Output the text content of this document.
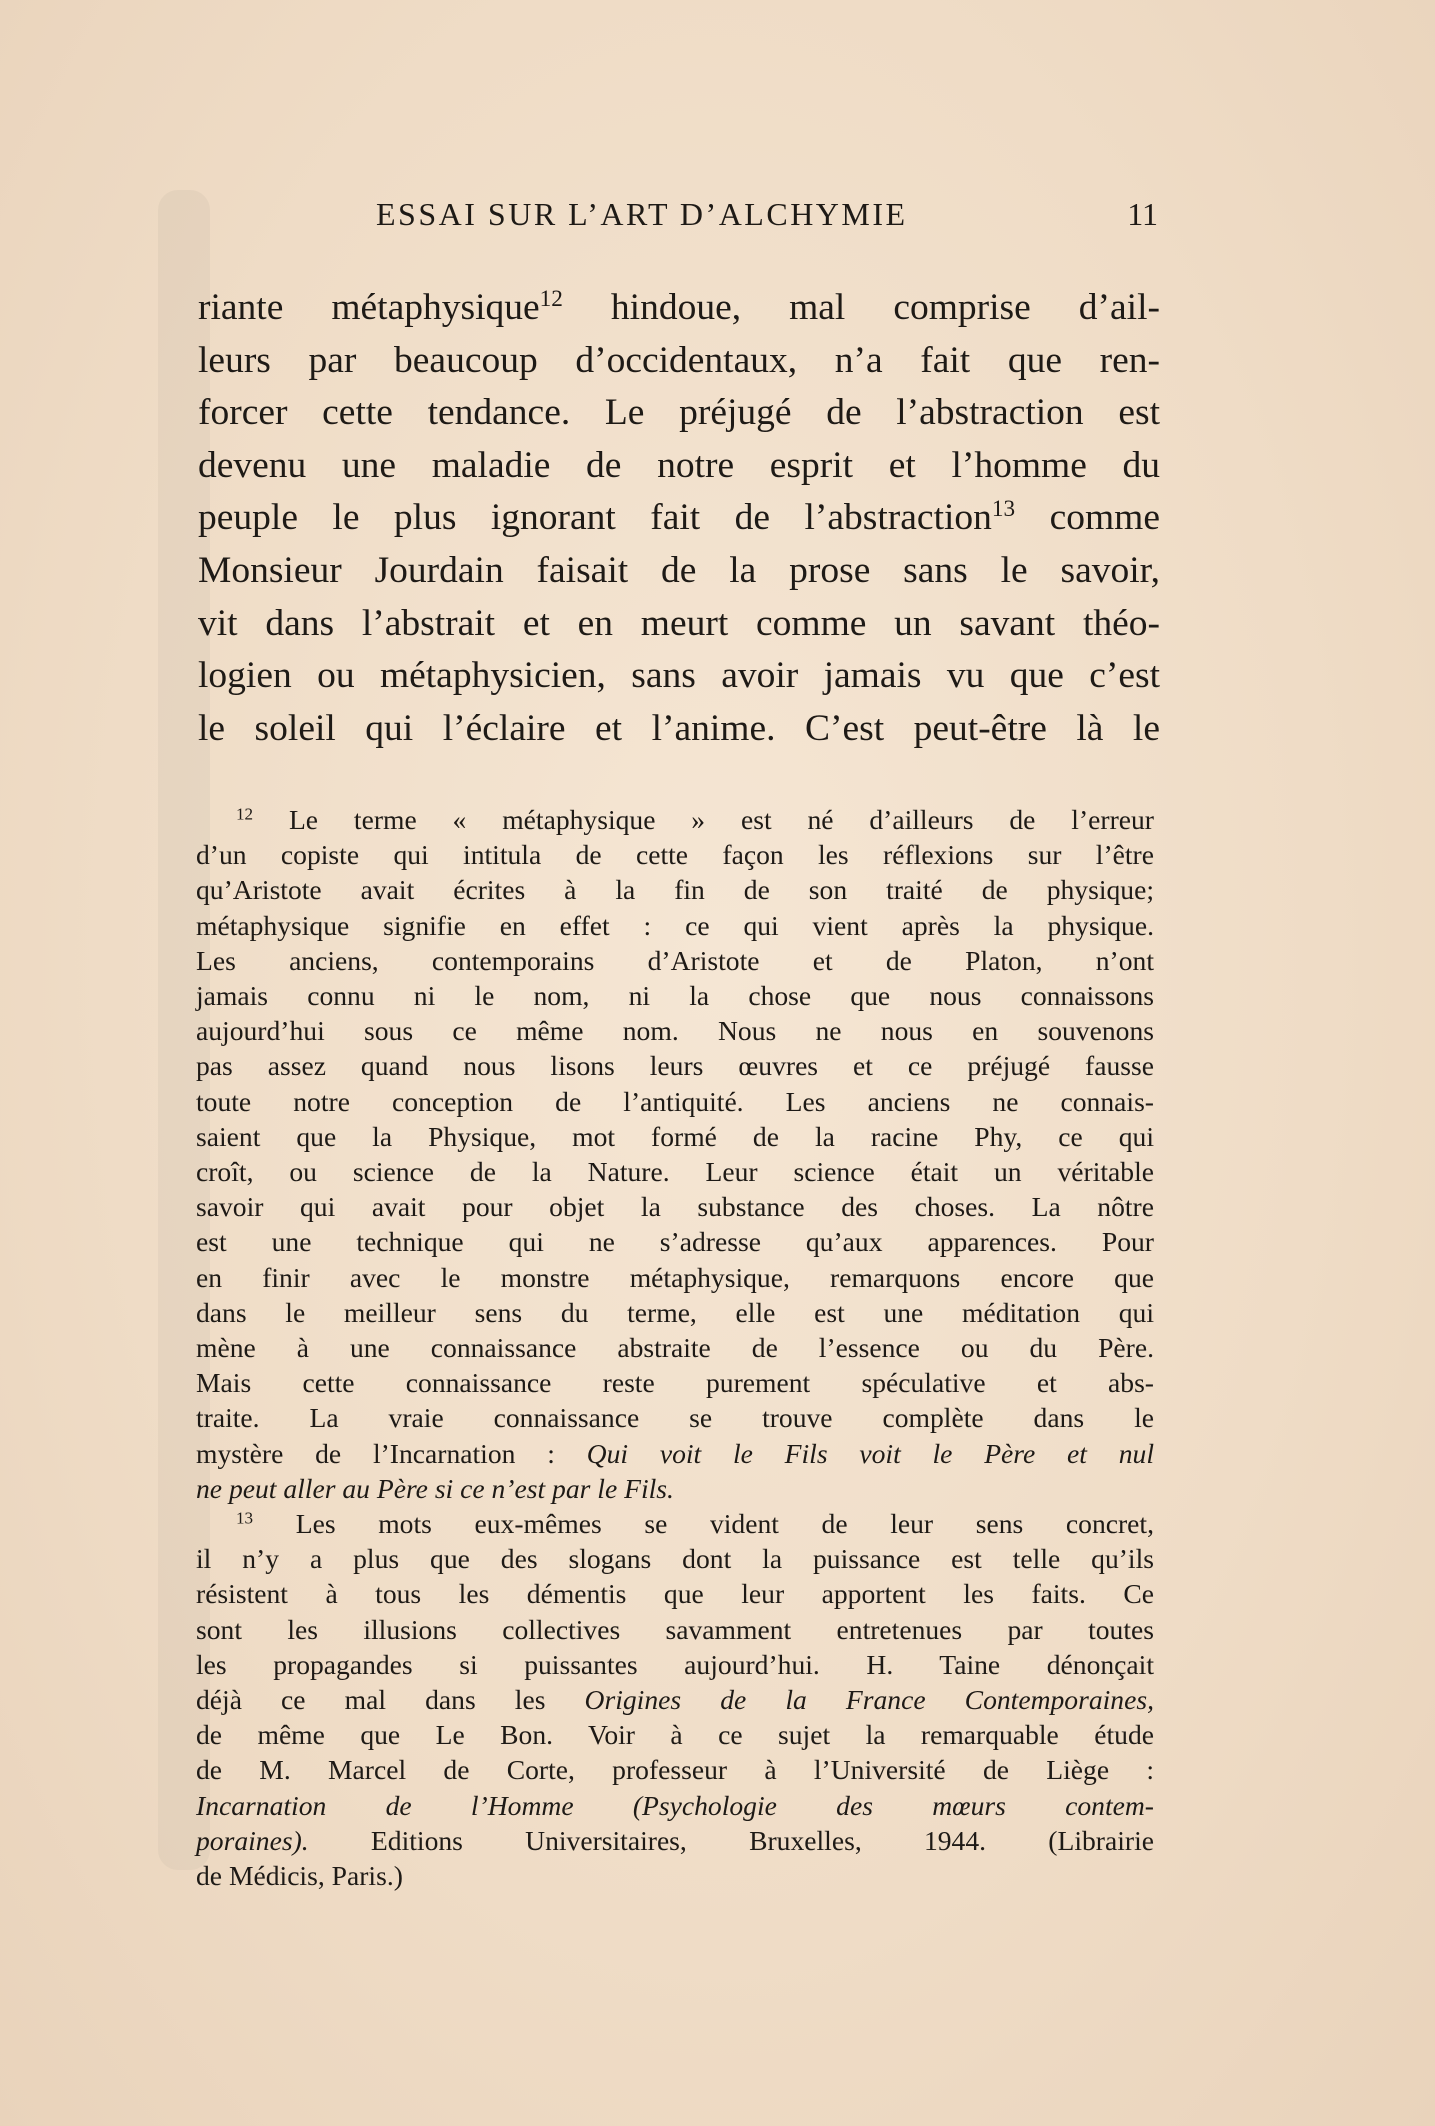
ESSAI SUR L’ART D’ALCHYMIE	11
riante métaphysique$^{12}$ hindoue, mal comprise d’ail-
leurs par beaucoup d’occidentaux, n’a fait que ren-
forcer cette tendance. Le préjugé de l’abstraction est
devenu une maladie de notre esprit et l’homme du
peuple le plus ignorant fait de l’abstraction$^{13}$ comme
Monsieur Jourdain faisait de la prose sans le savoir,
vit dans l’abstrait et en meurt comme un savant théo-
logien ou métaphysicien, sans avoir jamais vu que c’est
le soleil qui l’éclaire et l’anime. C’est peut-être là le
$^{12}$ Le terme « métaphysique » est né d’ailleurs de l’erreur
d’un copiste qui intitula de cette façon les réflexions sur l’être
qu’Aristote avait écrites à la fin de son traité de physique;
métaphysique signifie en effet : ce qui vient après la physique.
Les anciens, contemporains d’Aristote et de Platon, n’ont
jamais connu ni le nom, ni la chose que nous connaissons
aujourd’hui sous ce même nom. Nous ne nous en souvenons
pas assez quand nous lisons leurs œuvres et ce préjugé fausse
toute notre conception de l’antiquité. Les anciens ne connais-
saient que la Physique, mot formé de la racine Phy, ce qui
croît, ou science de la Nature. Leur science était un véritable
savoir qui avait pour objet la substance des choses. La nôtre
est une technique qui ne s’adresse qu’aux apparences. Pour
en finir avec le monstre métaphysique, remarquons encore que
dans le meilleur sens du terme, elle est une méditation qui
mène à une connaissance abstraite de l’essence ou du Père.
Mais cette connaissance reste purement spéculative et abs-
traite. La vraie connaissance se trouve complète dans le
mystère de l’Incarnation : Qui voit le Fils voit le Père et nul
ne peut aller au Père si ce n’est par le Fils.
$^{13}$ Les mots eux-mêmes se vident de leur sens concret,
il n’y a plus que des slogans dont la puissance est telle qu’ils
résistent à tous les démentis que leur apportent les faits. Ce
sont les illusions collectives savamment entretenues par toutes
les propagandes si puissantes aujourd’hui. H. Taine dénonçait
déjà ce mal dans les Origines de la France Contemporaines,
de même que Le Bon. Voir à ce sujet la remarquable étude
de M. Marcel de Corte, professeur à l’Université de Liège :
Incarnation de l’Homme (Psychologie des mœurs contem-
poraines). Editions Universitaires, Bruxelles, 1944. (Librairie
de Médicis, Paris.)
